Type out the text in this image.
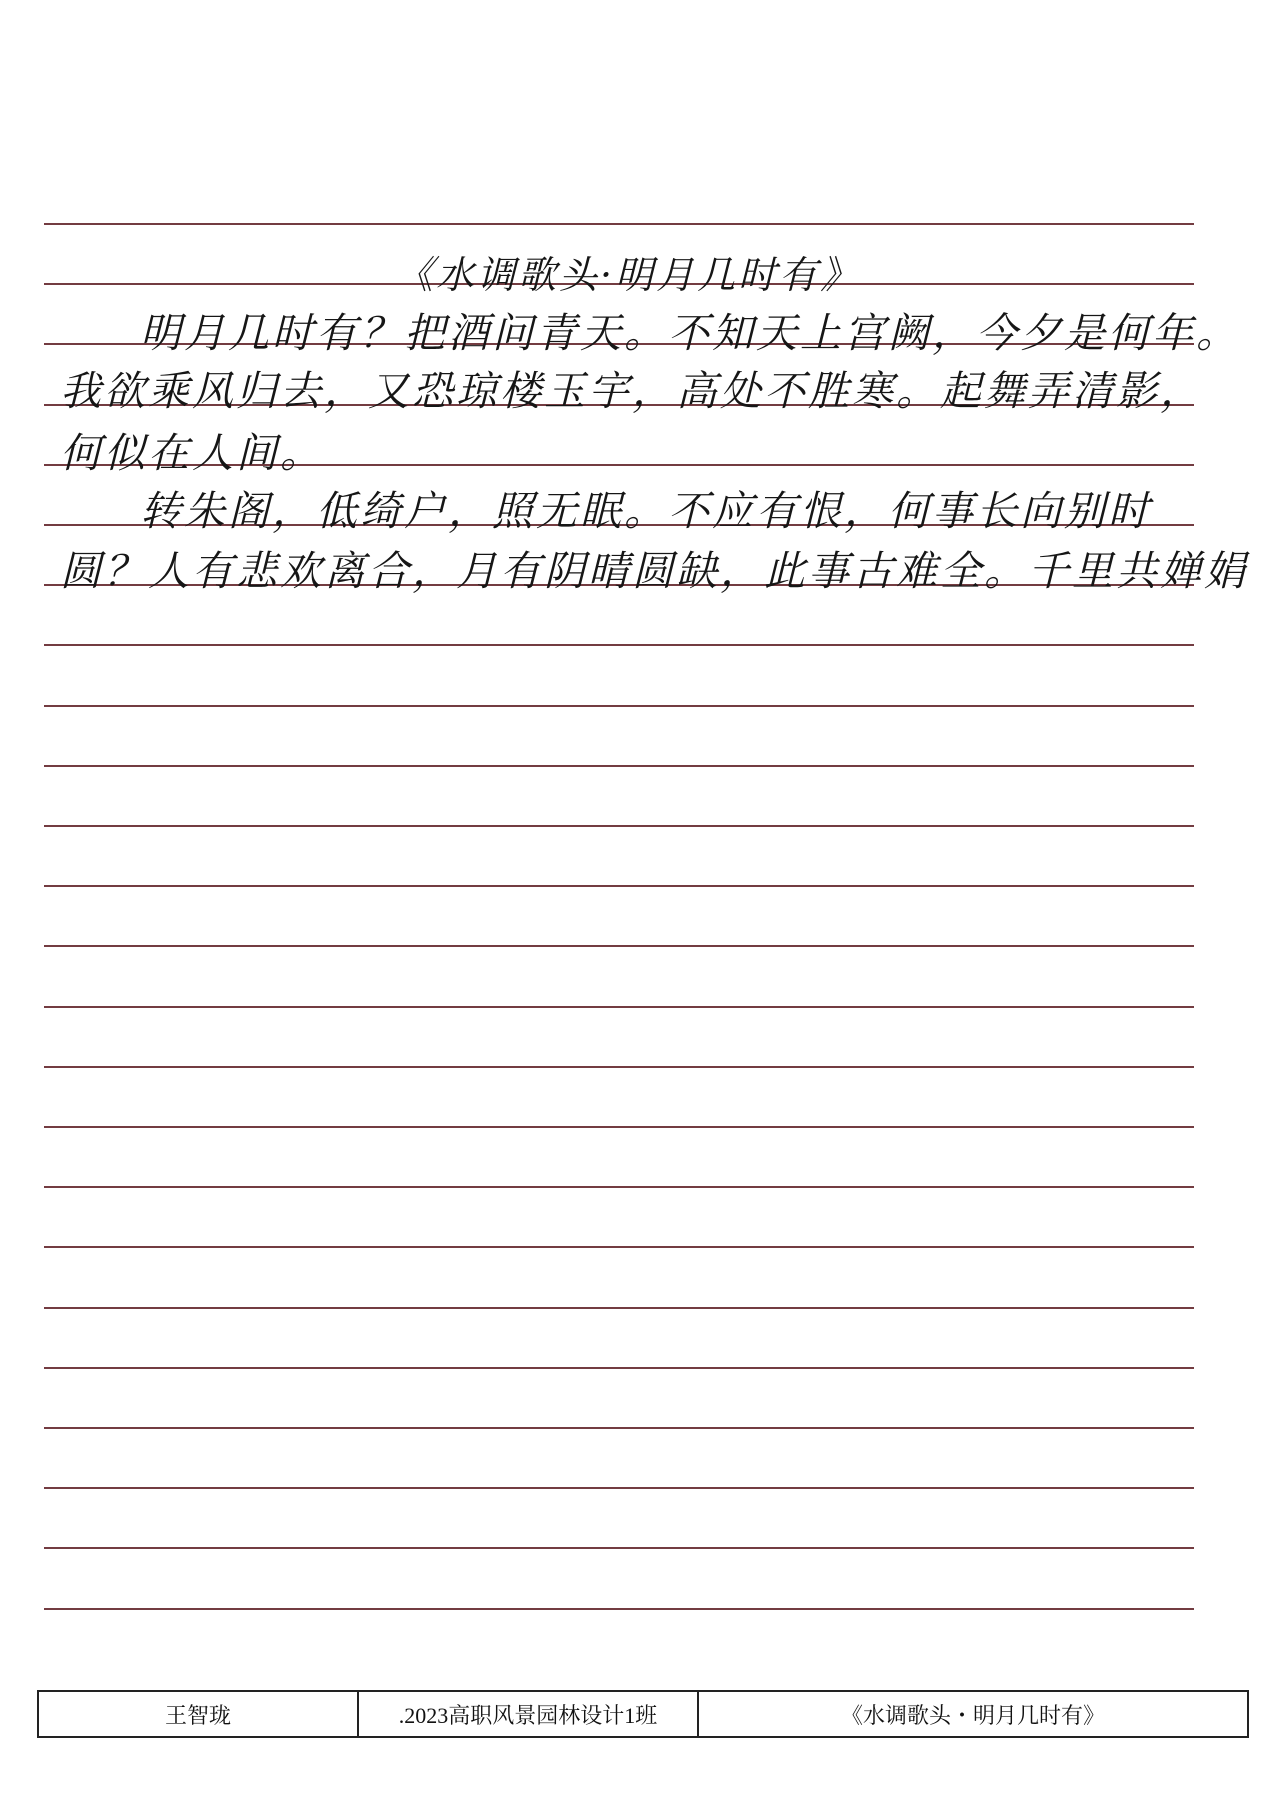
《水调歌头·明月几时有》
　　明月几时有？把酒问青天。不知天上宫阙，今夕是何年。
我欲乘风归去，又恐琼楼玉宇，高处不胜寒。起舞弄清影，
何似在人间。
　　转朱阁，低绮户，照无眠。不应有恨，何事长向别时
圆？人有悲欢离合，月有阴晴圆缺，此事古难全。千里共婵娟
王智珑	.2023高职风景园林设计1班	《水调歌头・明月几时有》
